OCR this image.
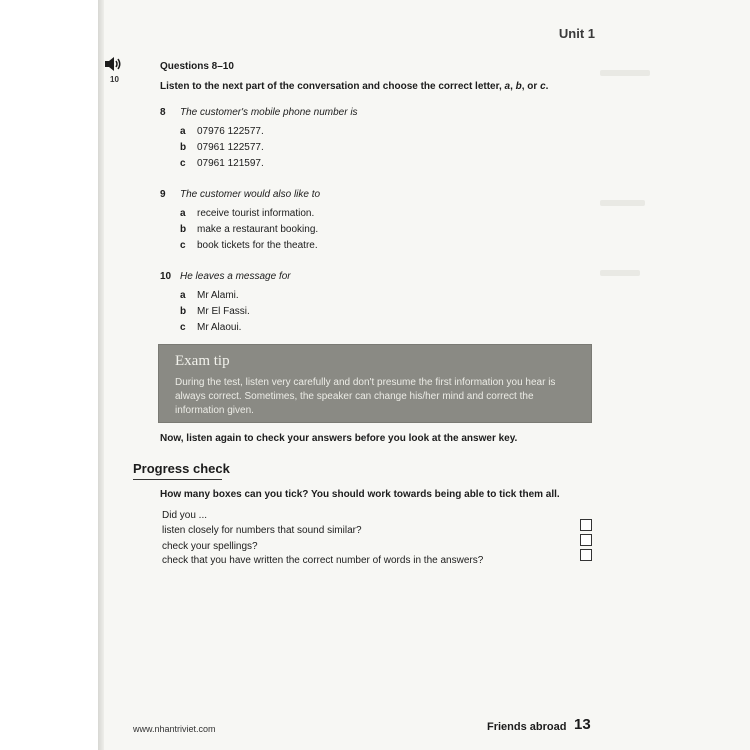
Unit 1
10
Questions 8–10
Listen to the next part of the conversation and choose the correct letter, a, b, or c.
8 The customer's mobile phone number is
a 07976 122577.
b 07961 122577.
c 07961 121597.
9 The customer would also like to
a receive tourist information.
b make a restaurant booking.
c book tickets for the theatre.
10 He leaves a message for
a Mr Alami.
b Mr El Fassi.
c Mr Alaoui.
Exam tip
During the test, listen very carefully and don't presume the first information you hear is always correct. Sometimes, the speaker can change his/her mind and correct the information given.
Now, listen again to check your answers before you look at the answer key.
Progress check
How many boxes can you tick? You should work towards being able to tick them all.
Did you ...
listen closely for numbers that sound similar?
check your spellings?
check that you have written the correct number of words in the answers?
www.nhantriviet.com	Friends abroad 13
